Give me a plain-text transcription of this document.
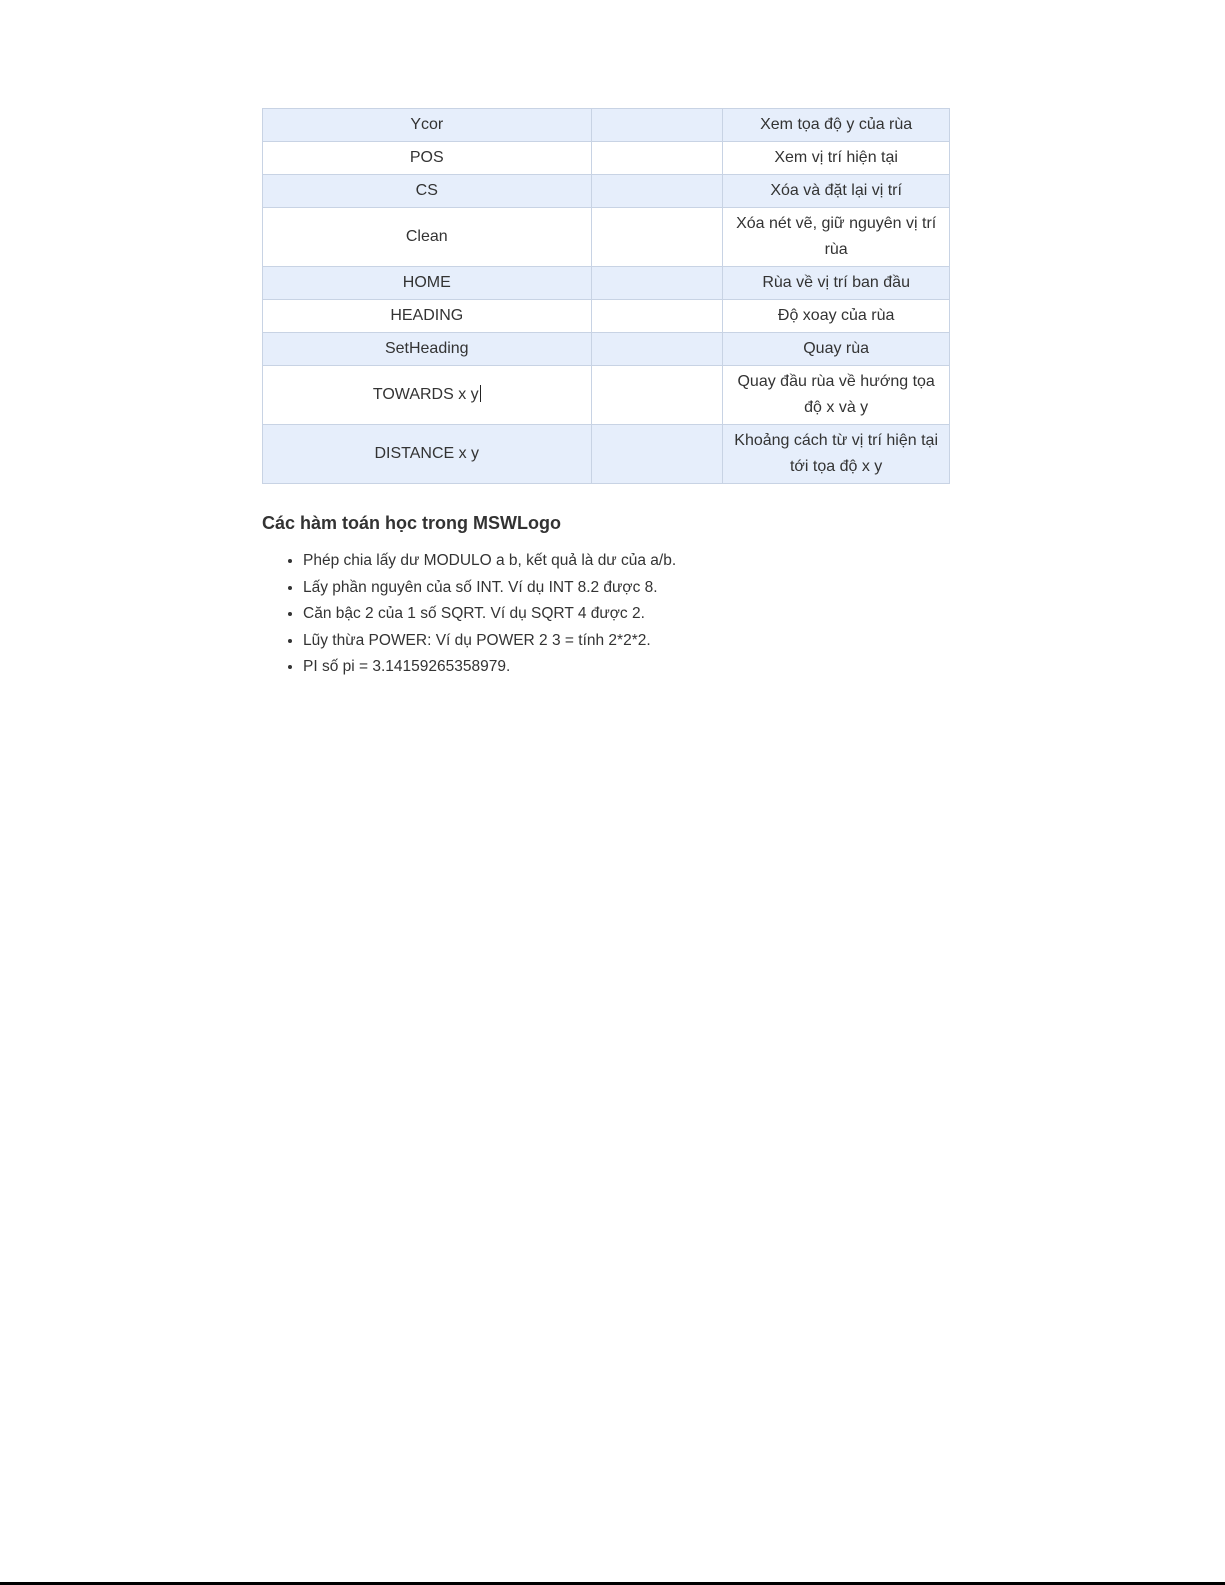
Ycor		Xem tọa độ y của rùa
POS		Xem vị trí hiện tại
CS		Xóa và đặt lại vị trí
Clean		Xóa nét vẽ, giữ nguyên vị trí rùa
HOME		Rùa về vị trí ban đầu
HEADING		Độ xoay của rùa
SetHeading		Quay rùa
TOWARDS x y		Quay đầu rùa về hướng tọa độ x và y
DISTANCE x y		Khoảng cách từ vị trí hiện tại tới tọa độ x y
Các hàm toán học trong MSWLogo
• Phép chia lấy dư MODULO a b, kết quả là dư của a/b.
• Lấy phần nguyên của số INT. Ví dụ INT 8.2 được 8.
• Căn bậc 2 của 1 số SQRT. Ví dụ SQRT 4 được 2.
• Lũy thừa POWER: Ví dụ POWER 2 3 = tính 2*2*2.
• PI số pi = 3.14159265358979.
